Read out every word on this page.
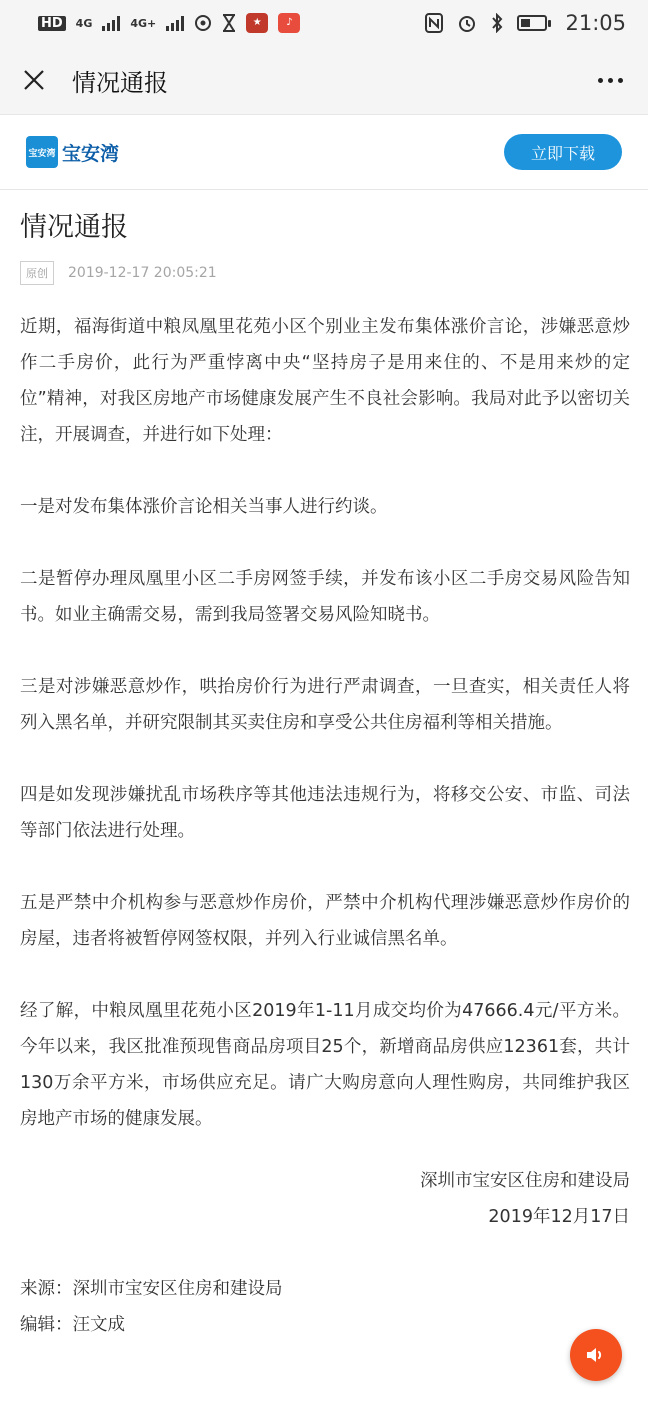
HD 4G	4G+	★	♪	21:05
情况通报
宝安湾 宝安湾	立即下载
情况通报
原创	2019-12-17 20:05:21

近期，福海街道中粮凤凰里花苑小区个别业主发布集体涨价言论，涉嫌恶意炒作二手房价，此行为严重悖离中央“坚持房子是用来住的、不是用来炒的定位”精神，对我区房地产市场健康发展产生不良社会影响。我局对此予以密切关注，开展调查，并进行如下处理：

一是对发布集体涨价言论相关当事人进行约谈。

二是暂停办理凤凰里小区二手房网签手续，并发布该小区二手房交易风险告知书。如业主确需交易，需到我局签署交易风险知晓书。

三是对涉嫌恶意炒作，哄抬房价行为进行严肃调查，一旦查实，相关责任人将列入黑名单，并研究限制其买卖住房和享受公共住房福利等相关措施。

四是如发现涉嫌扰乱市场秩序等其他违法违规行为，将移交公安、市监、司法等部门依法进行处理。

五是严禁中介机构参与恶意炒作房价，严禁中介机构代理涉嫌恶意炒作房价的房屋，违者将被暂停网签权限，并列入行业诚信黑名单。

经了解，中粮凤凰里花苑小区2019年1-11月成交均价为47666.4元/平方米。今年以来，我区批准预现售商品房项目25个，新增商品房供应12361套，共计130万余平方米，市场供应充足。请广大购房意向人理性购房，共同维护我区房地产市场的健康发展。

深圳市宝安区住房和建设局
2019年12月17日
来源：深圳市宝安区住房和建设局
编辑：汪文成
